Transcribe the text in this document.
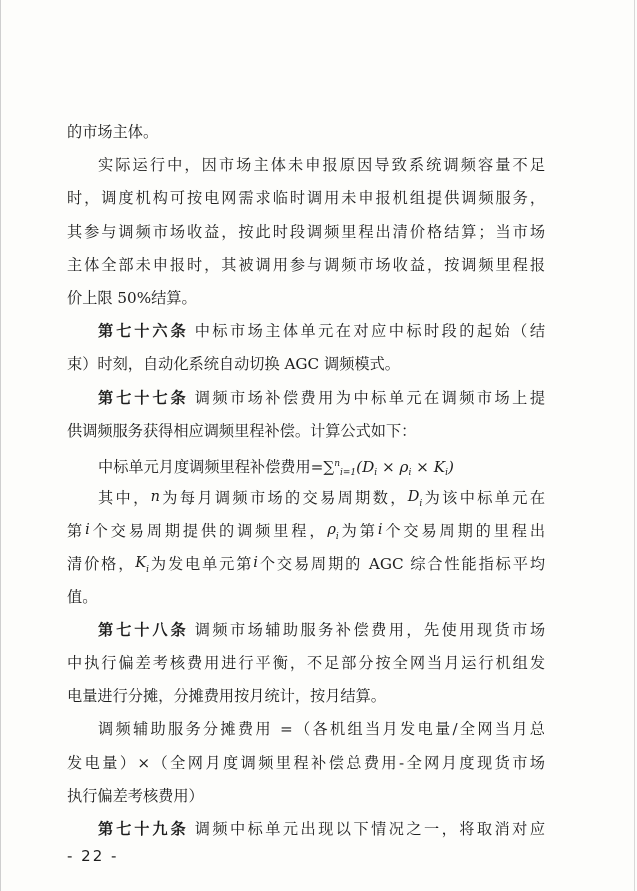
的市场主体。
实际运行中，因市场主体未申报原因导致系统调频容量不足
时，调度机构可按电网需求临时调用未申报机组提供调频服务，
其参与调频市场收益，按此时段调频里程出清价格结算；当市场
主体全部未申报时，其被调用参与调频市场收益，按调频里程报
价上限 50%结算。
第七十六条 中标市场主体单元在对应中标时段的起始（结
束）时刻，自动化系统自动切换 AGC 调频模式。
第七十七条 调频市场补偿费用为中标单元在调频市场上提
供调频服务获得相应调频里程补偿。计算公式如下：
中标单元月度调频里程补偿费用$=\sum^n_{i=1}(D_i \times \rho_i \times K_i)$
其中，n为每月调频市场的交易周期数，$D_i$为该中标单元在
第i个交易周期提供的调频里程，$\rho_i$为第i个交易周期的里程出
清价格，$K_i$为发电单元第i个交易周期的 AGC 综合性能指标平均
值。
第七十八条 调频市场辅助服务补偿费用，先使用现货市场
中执行偏差考核费用进行平衡，不足部分按全网当月运行机组发
电量进行分摊，分摊费用按月统计，按月结算。
调频辅助服务分摊费用 =（各机组当月发电量/全网当月总
发电量）×（全网月度调频里程补偿总费用-全网月度现货市场
执行偏差考核费用）
第七十九条 调频中标单元出现以下情况之一，将取消对应
- 22 -
